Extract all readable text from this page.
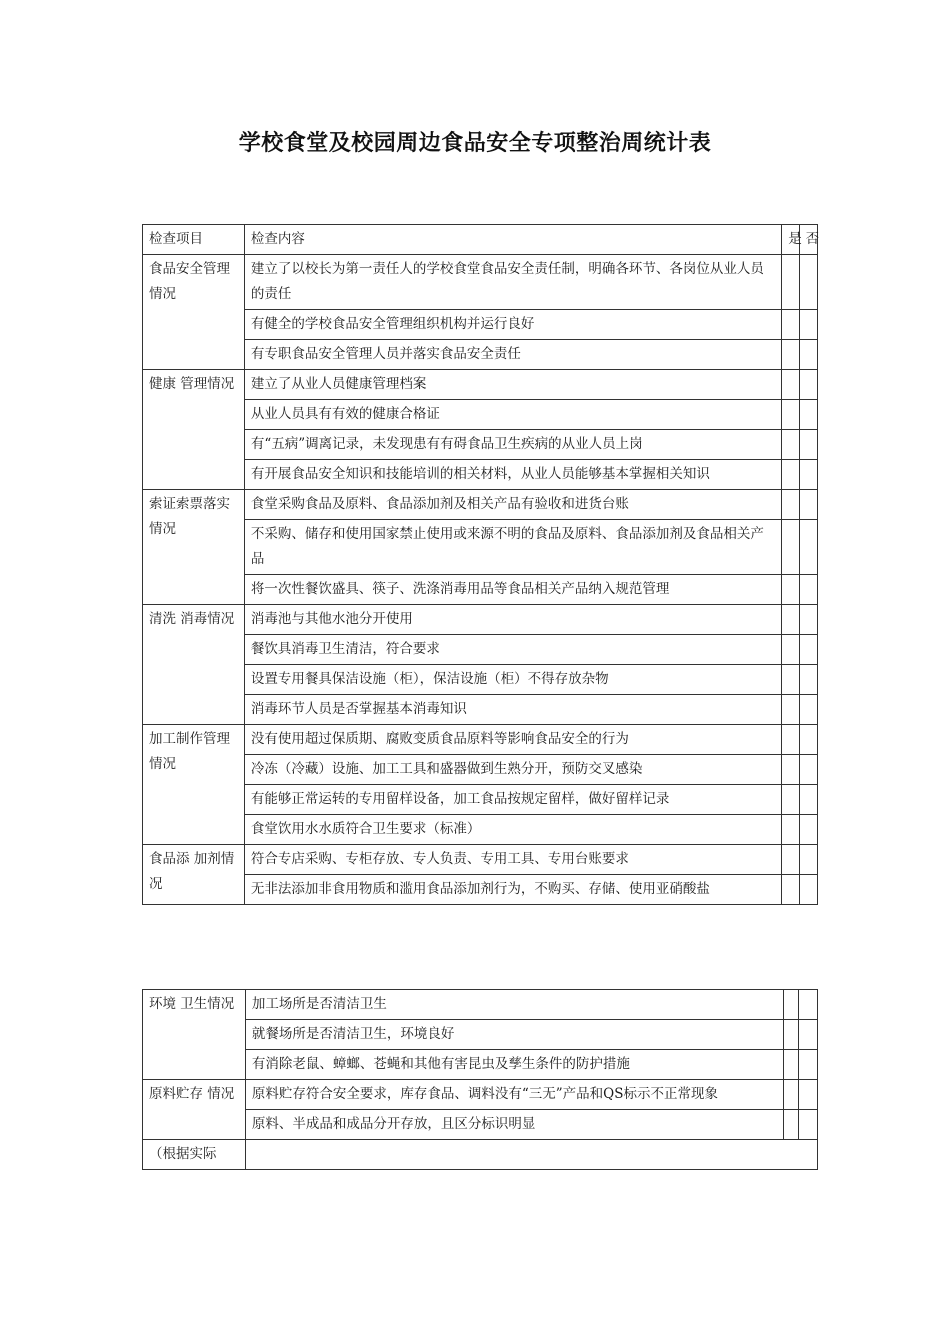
学校食堂及校园周边食品安全专项整治周统计表
检查项目	检查内容	是	否
食品安全管理情况	建立了以校长为第一责任人的学校食堂食品安全责任制，明确各环节、各岗位从业人员的责任		
	有健全的学校食品安全管理组织机构并运行良好		
	有专职食品安全管理人员并落实食品安全责任		
健康 管理情况	建立了从业人员健康管理档案		
	从业人员具有有效的健康合格证		
	有“五病”调离记录，未发现患有有碍食品卫生疾病的从业人员上岗		
	有开展食品安全知识和技能培训的相关材料，从业人员能够基本掌握相关知识		
索证索票落实情况	食堂采购食品及原料、食品添加剂及相关产品有验收和进货台账		
	不采购、储存和使用国家禁止使用或来源不明的食品及原料、食品添加剂及食品相关产品		
	将一次性餐饮盛具、筷子、洗涤消毒用品等食品相关产品纳入规范管理		
清洗 消毒情况	消毒池与其他水池分开使用		
	餐饮具消毒卫生清洁，符合要求		
	设置专用餐具保洁设施（柜），保洁设施（柜）不得存放杂物		
	消毒环节人员是否掌握基本消毒知识		
加工制作管理情况	没有使用超过保质期、腐败变质食品原料等影响食品安全的行为		
	冷冻（冷藏）设施、加工工具和盛器做到生熟分开，预防交叉感染		
	有能够正常运转的专用留样设备，加工食品按规定留样，做好留样记录		
	食堂饮用水水质符合卫生要求（标准）		
食品添 加剂情况	符合专店采购、专柜存放、专人负责、专用工具、专用台账要求		
	无非法添加非食用物质和滥用食品添加剂行为，不购买、存储、使用亚硝酸盐		
环境 卫生情况	加工场所是否清洁卫生		
	就餐场所是否清洁卫生，环境良好		
	有消除老鼠、蟑螂、苍蝇和其他有害昆虫及孳生条件的防护措施		
原料贮存 情况	原料贮存符合安全要求，库存食品、调料没有“三无”产品和QS标示不正常现象		
	原料、半成品和成品分开存放，且区分标识明显		
（根据实际			
